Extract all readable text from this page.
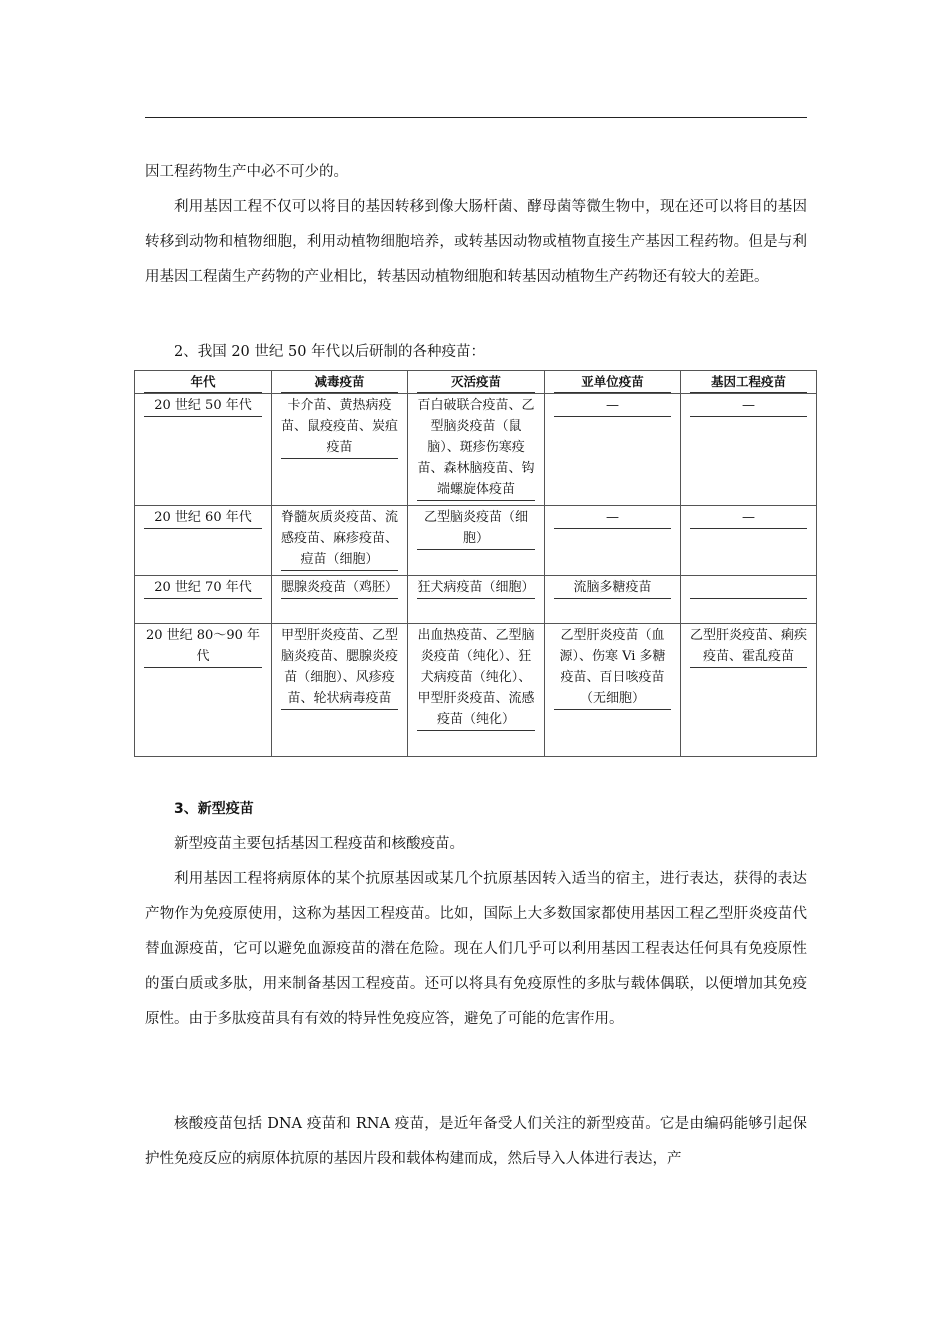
因工程药物生产中必不可少的。

利用基因工程不仅可以将目的基因转移到像大肠杆菌、酵母菌等微生物中，现在还可以将目的基因转移到动物和植物细胞，利用动植物细胞培养，或转基因动物或植物直接生产基因工程药物。但是与利用基因工程菌生产药物的产业相比，转基因动植物细胞和转基因动植物生产药物还有较大的差距。

2、我国 20 世纪 50 年代以后研制的各种疫苗：

年代	减毒疫苗	灭活疫苗	亚单位疫苗	基因工程疫苗

20 世纪 50 年代	卡介苗、黄热病疫苗、鼠疫疫苗、炭疽疫苗	百白破联合疫苗、乙型脑炎疫苗（鼠脑）、斑疹伤寒疫苗、森林脑疫苗、钩端螺旋体疫苗	—	—

20 世纪 60 年代	脊髓灰质炎疫苗、流感疫苗、麻疹疫苗、痘苗（细胞）	乙型脑炎疫苗（细胞）	—	—

20 世纪 70 年代	腮腺炎疫苗（鸡胚）	狂犬病疫苗（细胞）	流脑多糖疫苗	

20 世纪 80～90 年代	甲型肝炎疫苗、乙型脑炎疫苗、腮腺炎疫苗（细胞）、风疹疫苗、轮状病毒疫苗	出血热疫苗、乙型脑炎疫苗（纯化）、狂犬病疫苗（纯化）、甲型肝炎疫苗、流感疫苗（纯化）	乙型肝炎疫苗（血源）、伤寒 Vi 多糖疫苗、百日咳疫苗（无细胞）	乙型肝炎疫苗、痢疾疫苗、霍乱疫苗

3、新型疫苗

新型疫苗主要包括基因工程疫苗和核酸疫苗。

利用基因工程将病原体的某个抗原基因或某几个抗原基因转入适当的宿主，进行表达，获得的表达产物作为免疫原使用，这称为基因工程疫苗。比如，国际上大多数国家都使用基因工程乙型肝炎疫苗代替血源疫苗，它可以避免血源疫苗的潜在危险。现在人们几乎可以利用基因工程表达任何具有免疫原性的蛋白质或多肽，用来制备基因工程疫苗。还可以将具有免疫原性的多肽与载体偶联，以便增加其免疫原性。由于多肽疫苗具有有效的特异性免疫应答，避免了可能的危害作用。

核酸疫苗包括 DNA 疫苗和 RNA 疫苗，是近年备受人们关注的新型疫苗。它是由编码能够引起保护性免疫反应的病原体抗原的基因片段和载体构建而成，然后导入人体进行表达，产
